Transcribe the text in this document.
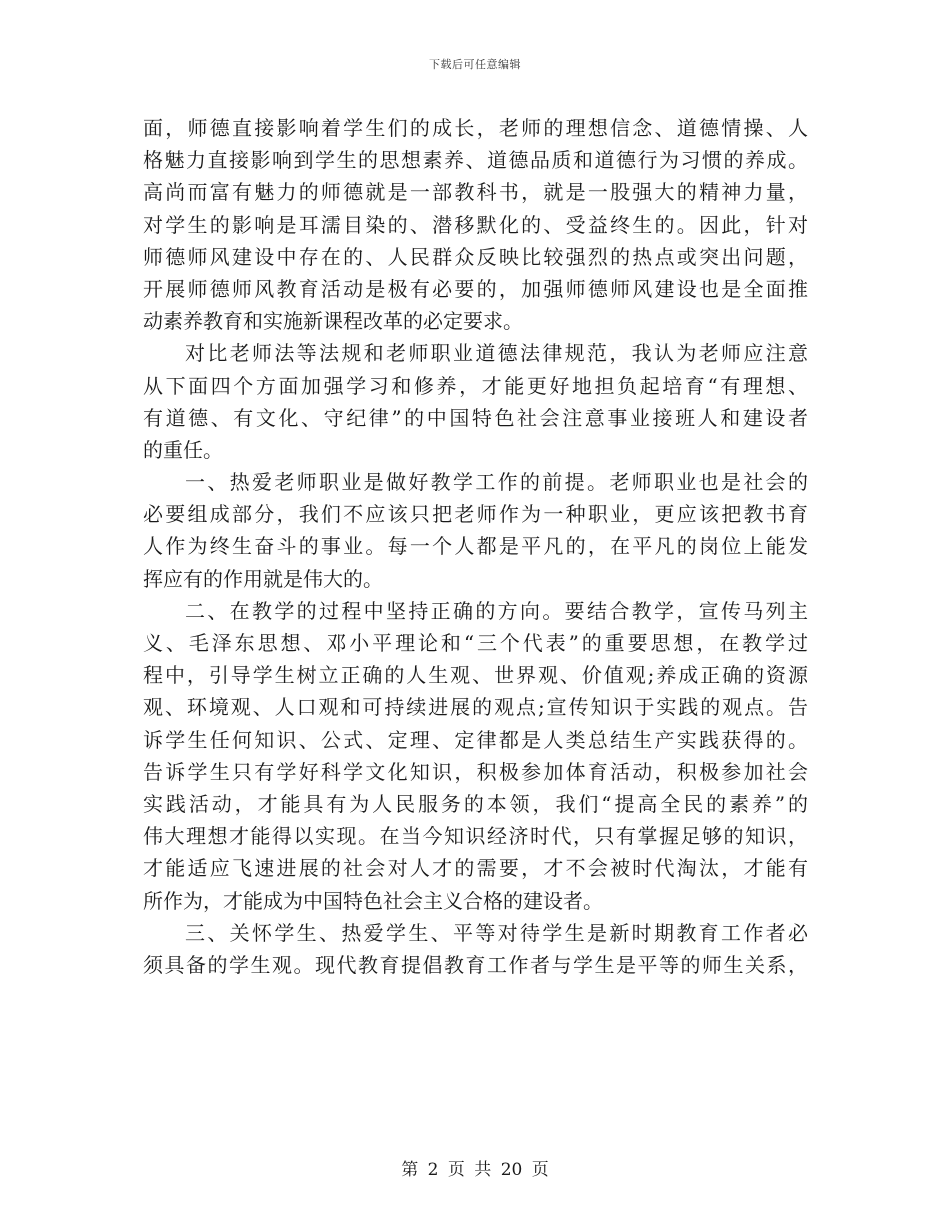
下载后可任意编辑
面，师德直接影响着学生们的成长，老师的理想信念、道德情操、人
格魅力直接影响到学生的思想素养、道德品质和道德行为习惯的养成。
高尚而富有魅力的师德就是一部教科书，就是一股强大的精神力量，
对学生的影响是耳濡目染的、潜移默化的、受益终生的。因此，针对
师德师风建设中存在的、人民群众反映比较强烈的热点或突出问题，
开展师德师风教育活动是极有必要的，加强师德师风建设也是全面推
动素养教育和实施新课程改革的必定要求。
对比老师法等法规和老师职业道德法律规范，我认为老师应注意
从下面四个方面加强学习和修养，才能更好地担负起培育“有理想、
有道德、有文化、守纪律”的中国特色社会注意事业接班人和建设者
的重任。
一、热爱老师职业是做好教学工作的前提。老师职业也是社会的
必要组成部分，我们不应该只把老师作为一种职业，更应该把教书育
人作为终生奋斗的事业。每一个人都是平凡的，在平凡的岗位上能发
挥应有的作用就是伟大的。
二、在教学的过程中坚持正确的方向。要结合教学，宣传马列主
义、毛泽东思想、邓小平理论和“三个代表”的重要思想，在教学过
程中，引导学生树立正确的人生观、世界观、价值观;养成正确的资源
观、环境观、人口观和可持续进展的观点;宣传知识于实践的观点。告
诉学生任何知识、公式、定理、定律都是人类总结生产实践获得的。
告诉学生只有学好科学文化知识，积极参加体育活动，积极参加社会
实践活动，才能具有为人民服务的本领，我们“提高全民的素养”的
伟大理想才能得以实现。在当今知识经济时代，只有掌握足够的知识，
才能适应飞速进展的社会对人才的需要，才不会被时代淘汰，才能有
所作为，才能成为中国特色社会主义合格的建设者。
三、关怀学生、热爱学生、平等对待学生是新时期教育工作者必
须具备的学生观。现代教育提倡教育工作者与学生是平等的师生关系，
第 2 页 共 20 页
